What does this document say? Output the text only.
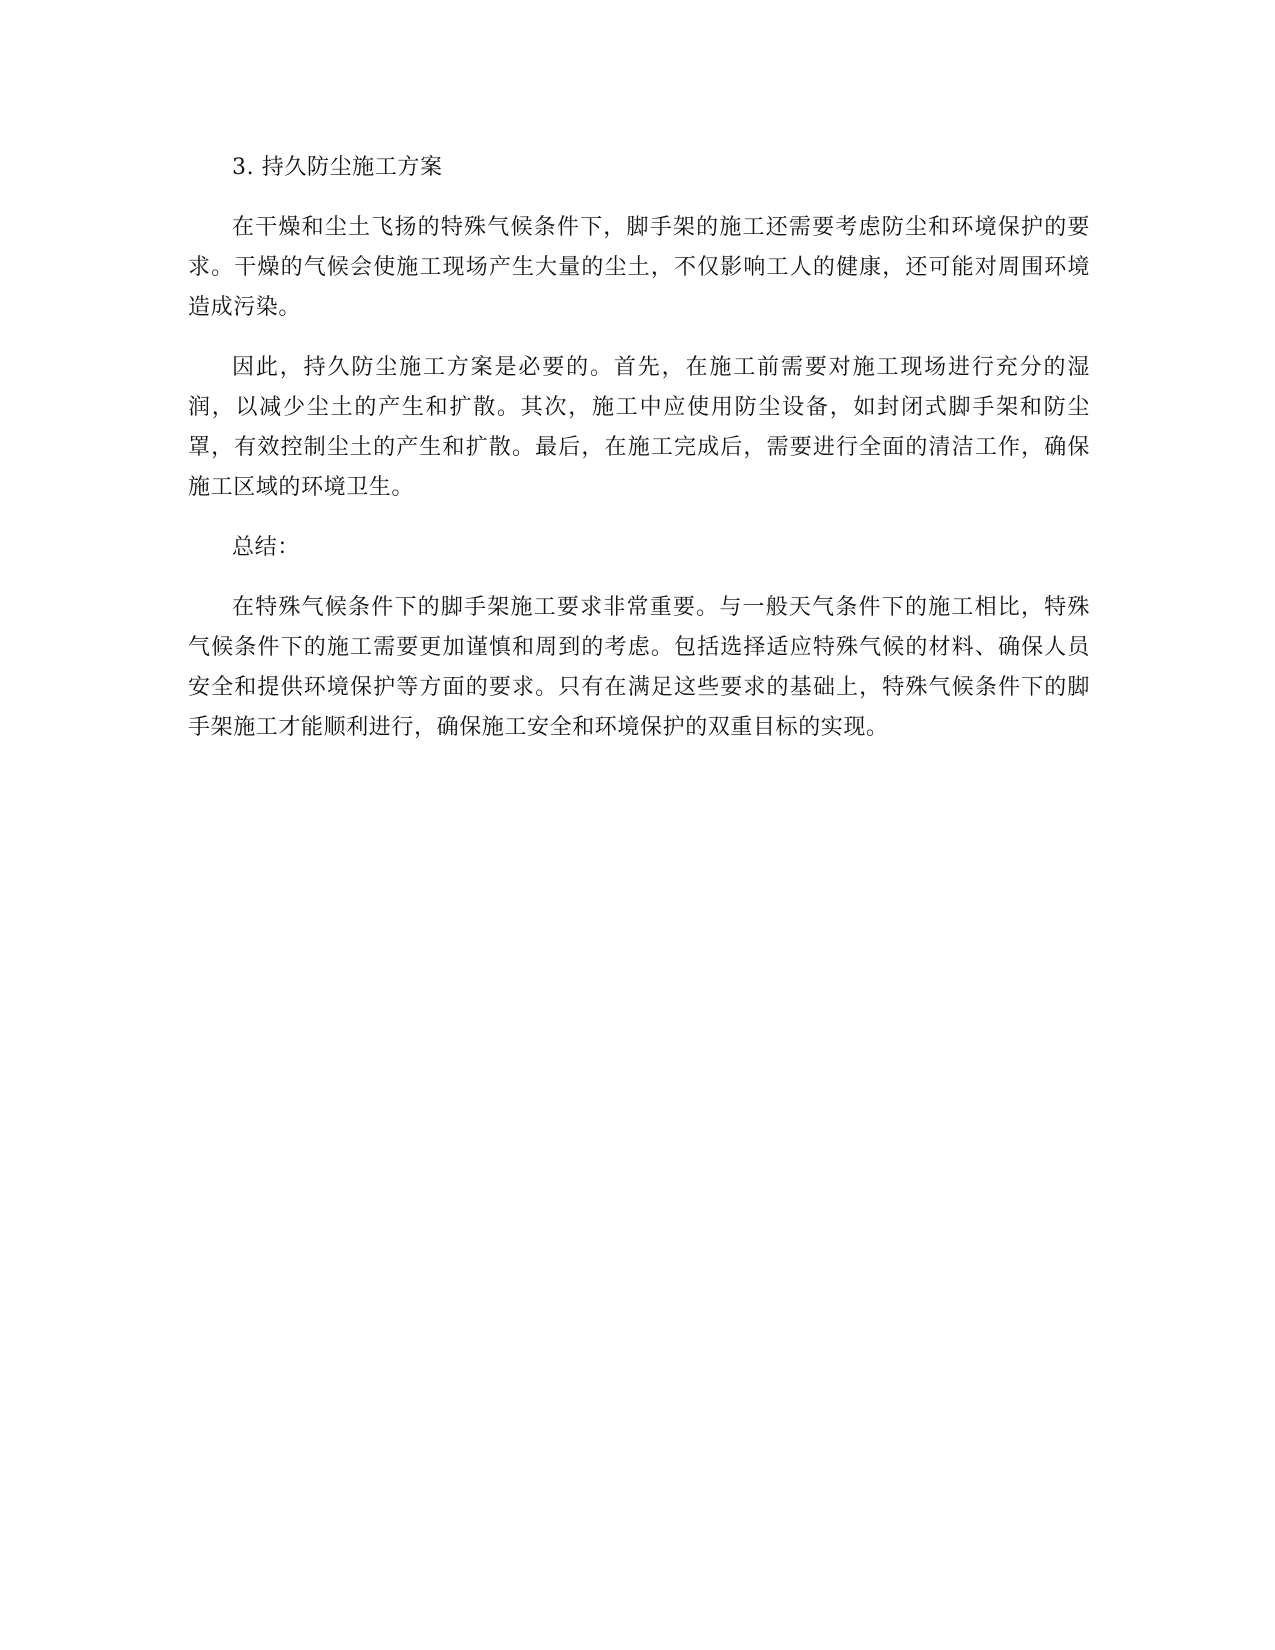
3. 持久防尘施工方案

在干燥和尘土飞扬的特殊气候条件下，脚手架的施工还需要考虑防尘和环境保护的要求。干燥的气候会使施工现场产生大量的尘土，不仅影响工人的健康，还可能对周围环境造成污染。

因此，持久防尘施工方案是必要的。首先，在施工前需要对施工现场进行充分的湿润，以减少尘土的产生和扩散。其次，施工中应使用防尘设备，如封闭式脚手架和防尘罩，有效控制尘土的产生和扩散。最后，在施工完成后，需要进行全面的清洁工作，确保施工区域的环境卫生。

总结：

在特殊气候条件下的脚手架施工要求非常重要。与一般天气条件下的施工相比，特殊气候条件下的施工需要更加谨慎和周到的考虑。包括选择适应特殊气候的材料、确保人员安全和提供环境保护等方面的要求。只有在满足这些要求的基础上，特殊气候条件下的脚手架施工才能顺利进行，确保施工安全和环境保护的双重目标的实现。
